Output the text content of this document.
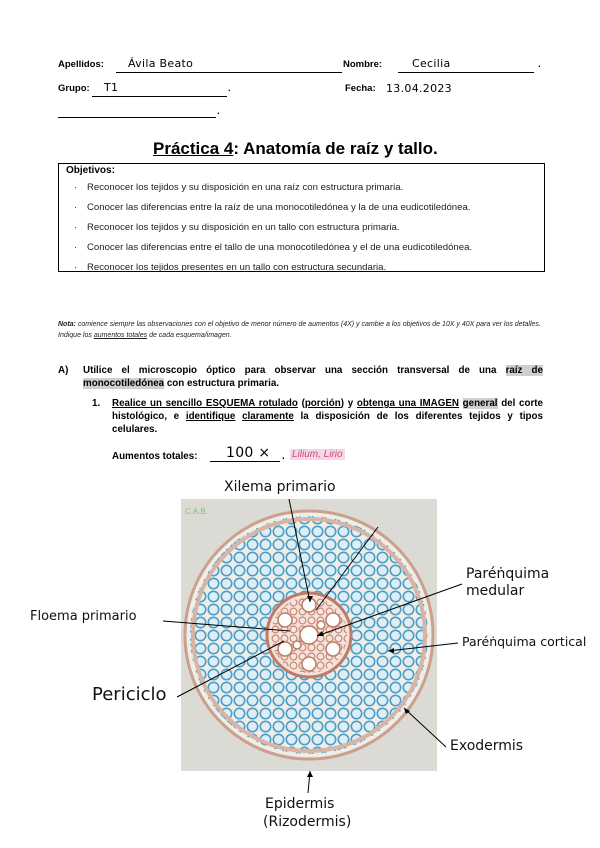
Apellidos: Ávila Beato	Nombre:	Cecilia	.
Grupo: T1	.	Fecha: 13.04.2023
.
Práctica 4: Anatomía de raíz y tallo.
Objetivos:
· Reconocer los tejidos y su disposición en una raíz con estructura primaria.
· Conocer las diferencias entre la raíz de una monocotiledónea y la de una eudicotiledónea.
· Reconocer los tejidos y su disposición en un tallo con estructura primaria.
· Conocer las diferencias entre el tallo de una monocotiledónea y el de una eudicotiledónea.
· Reconocer los tejidos presentes en un tallo con estructura secundaria.
Nota: comience siempre las observaciones con el objetivo de menor número de aumentos (4X) y cambie a los objetivos de 10X y 40X para ver los detalles. Indique los aumentos totales de cada esquema/imagen.
A) Utilice el microscopio óptico para observar una sección transversal de una raíz de monocotiledónea con estructura primaria.
1. Realice un sencillo ESQUEMA rotulado (porción) y obtenga una IMAGEN general del corte histológico, e identifique claramente la disposición de los diferentes tejidos y tipos celulares.
Aumentos totales: 100 × . Lilium, Lirio
C.A.B.
Xilema primario
Floema primario
Paréṅquima
medular
Paréṅquima cortical
Periciclo
Exodermis
Epidermis
(Rizodermis)
